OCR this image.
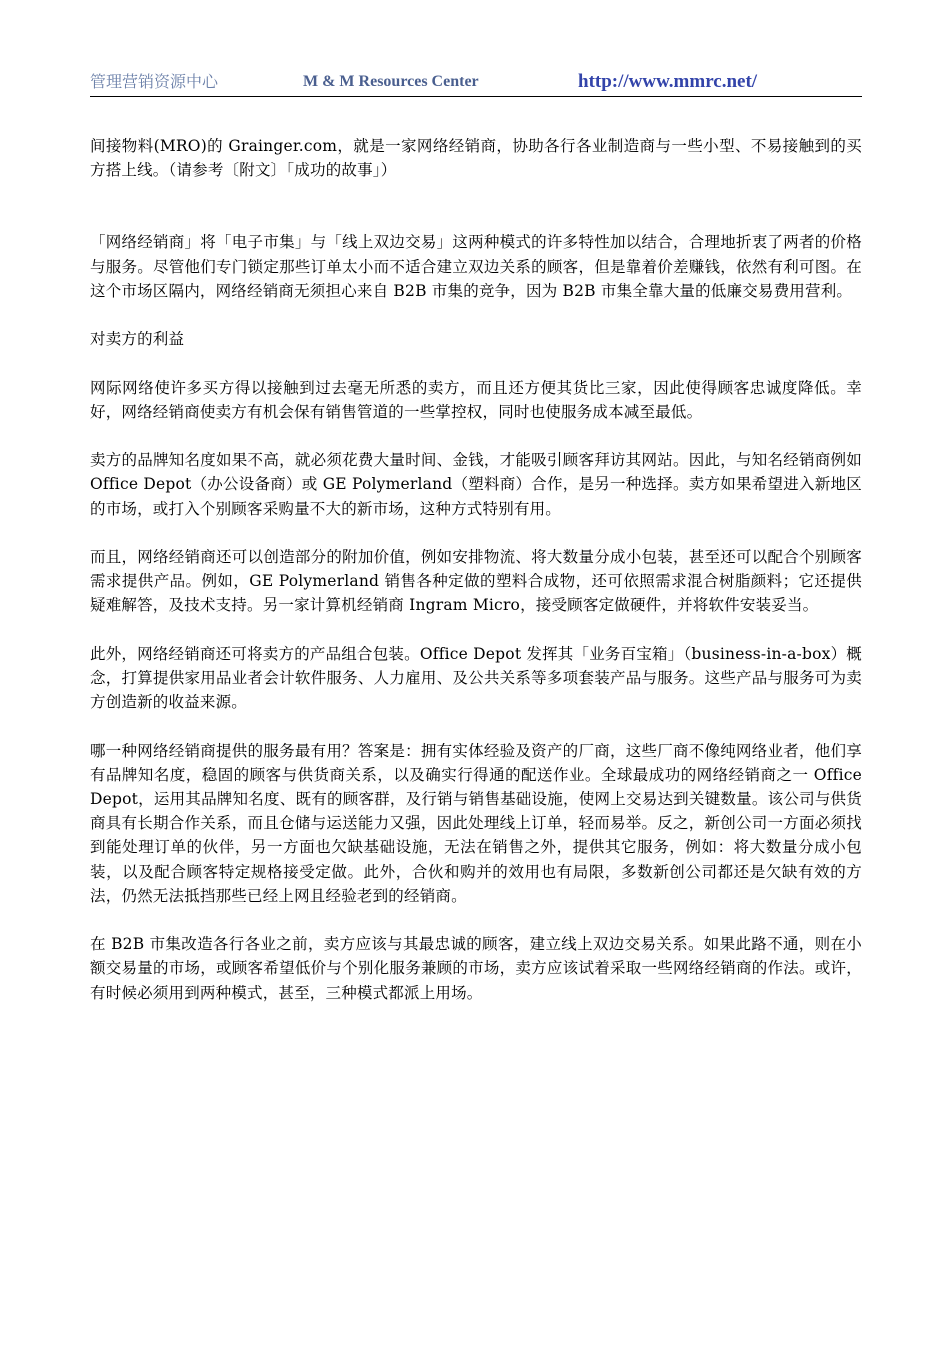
管理营销资源中心	M & M Resources Center	http://www.mmrc.net/

间接物料(MRO)的 Grainger.com，就是一家网络经销商，协助各行各业制造商与一些小型、不易接触到的买方搭上线。（请参考〔附文〕「成功的故事」）

「网络经销商」将「电子市集」与「线上双边交易」这两种模式的许多特性加以结合，合理地折衷了两者的价格与服务。尽管他们专门锁定那些订单太小而不适合建立双边关系的顾客，但是靠着价差赚钱，依然有利可图。在这个市场区隔内，网络经销商无须担心来自 B2B 市集的竞争，因为 B2B 市集全靠大量的低廉交易费用营利。

对卖方的利益

网际网络使许多买方得以接触到过去毫无所悉的卖方，而且还方便其货比三家，因此使得顾客忠诚度降低。幸好，网络经销商使卖方有机会保有销售管道的一些掌控权，同时也使服务成本减至最低。

卖方的品牌知名度如果不高，就必须花费大量时间、金钱，才能吸引顾客拜访其网站。因此，与知名经销商例如 Office Depot（办公设备商）或 GE Polymerland（塑料商）合作，是另一种选择。卖方如果希望进入新地区的市场，或打入个别顾客采购量不大的新市场，这种方式特别有用。

而且，网络经销商还可以创造部分的附加价值，例如安排物流、将大数量分成小包装，甚至还可以配合个别顾客需求提供产品。例如，GE Polymerland 销售各种定做的塑料合成物，还可依照需求混合树脂颜料；它还提供疑难解答，及技术支持。另一家计算机经销商 Ingram Micro，接受顾客定做硬件，并将软件安装妥当。

此外，网络经销商还可将卖方的产品组合包装。Office Depot 发挥其「业务百宝箱」（business-in-a-box）概念，打算提供家用品业者会计软件服务、人力雇用、及公共关系等多项套装产品与服务。这些产品与服务可为卖方创造新的收益来源。

哪一种网络经销商提供的服务最有用？答案是：拥有实体经验及资产的厂商，这些厂商不像纯网络业者，他们享有品牌知名度，稳固的顾客与供货商关系，以及确实行得通的配送作业。全球最成功的网络经销商之一 Office Depot，运用其品牌知名度、既有的顾客群，及行销与销售基础设施，使网上交易达到关键数量。该公司与供货商具有长期合作关系，而且仓储与运送能力又强，因此处理线上订单，轻而易举。反之，新创公司一方面必须找到能处理订单的伙伴，另一方面也欠缺基础设施，无法在销售之外，提供其它服务，例如：将大数量分成小包装，以及配合顾客特定规格接受定做。此外，合伙和购并的效用也有局限，多数新创公司都还是欠缺有效的方法，仍然无法抵挡那些已经上网且经验老到的经销商。

在 B2B 市集改造各行各业之前，卖方应该与其最忠诚的顾客，建立线上双边交易关系。如果此路不通，则在小额交易量的市场，或顾客希望低价与个别化服务兼顾的市场，卖方应该试着采取一些网络经销商的作法。或许，有时候必须用到两种模式，甚至，三种模式都派上用场。
